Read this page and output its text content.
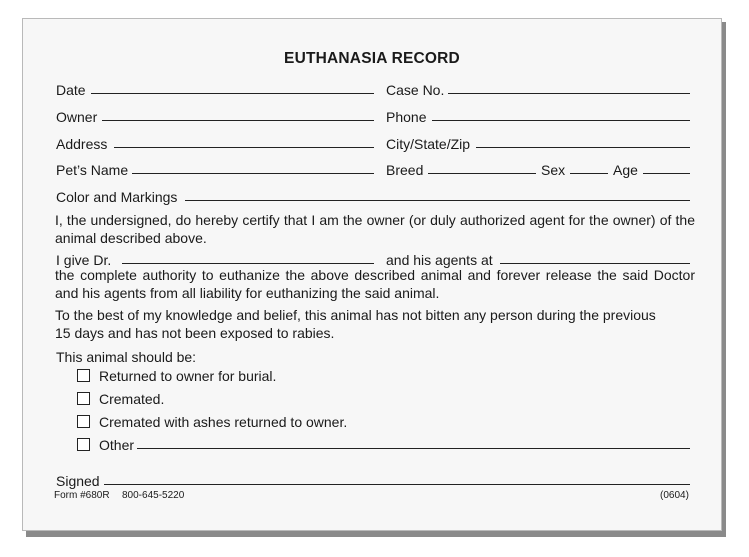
EUTHANASIA RECORD
Date	Case No.
Owner	Phone
Address	City/State/Zip
Pet’s Name	Breed	Sex	Age
Color and Markings
I, the undersigned, do hereby certify that I am the owner (or duly authorized agent for the owner) of the animal described above.
I give Dr.	and his agents at
the complete authority to euthanize the above described animal and forever release the said Doctor and his agents from all liability for euthanizing the said animal.
To the best of my knowledge and belief, this animal has not bitten any person during the previous 15 days and has not been exposed to rabies.
This animal should be:
Returned to owner for burial.
Cremated.
Cremated with ashes returned to owner.
Other
Signed
Form #680R 800-645-5220	(0604)
